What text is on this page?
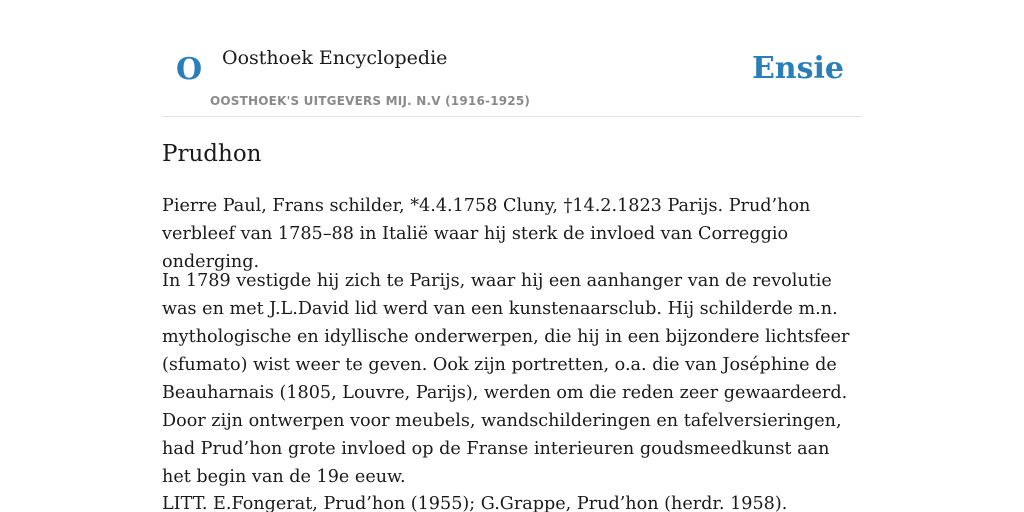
O Oosthoek Encyclopedie
OOSTHOEK'S UITGEVERS MIJ. N.V (1916-1925)
Ensie
Prudhon

Pierre Paul, Frans schilder, *4.4.1758 Cluny, †14.2.1823 Parijs. Prud’hon verbleef van 1785–88 in Italië waar hij sterk de invloed van Correggio onderging.

In 1789 vestigde hij zich te Parijs, waar hij een aanhanger van de revolutie was en met J.L.David lid werd van een kunstenaarsclub. Hij schilderde m.n. mythologische en idyllische onderwerpen, die hij in een bijzondere lichtsfeer (sfumato) wist weer te geven. Ook zijn portretten, o.a. die van Joséphine de Beauharnais (1805, Louvre, Parijs), werden om die reden zeer gewaardeerd. Door zijn ontwerpen voor meubels, wandschilderingen en tafelversieringen, had Prud’hon grote invloed op de Franse interieuren goudsmeedkunst aan het begin van de 19e eeuw.

LITT. E.Fongerat, Prud’hon (1955); G.Grappe, Prud’hon (herdr. 1958).
